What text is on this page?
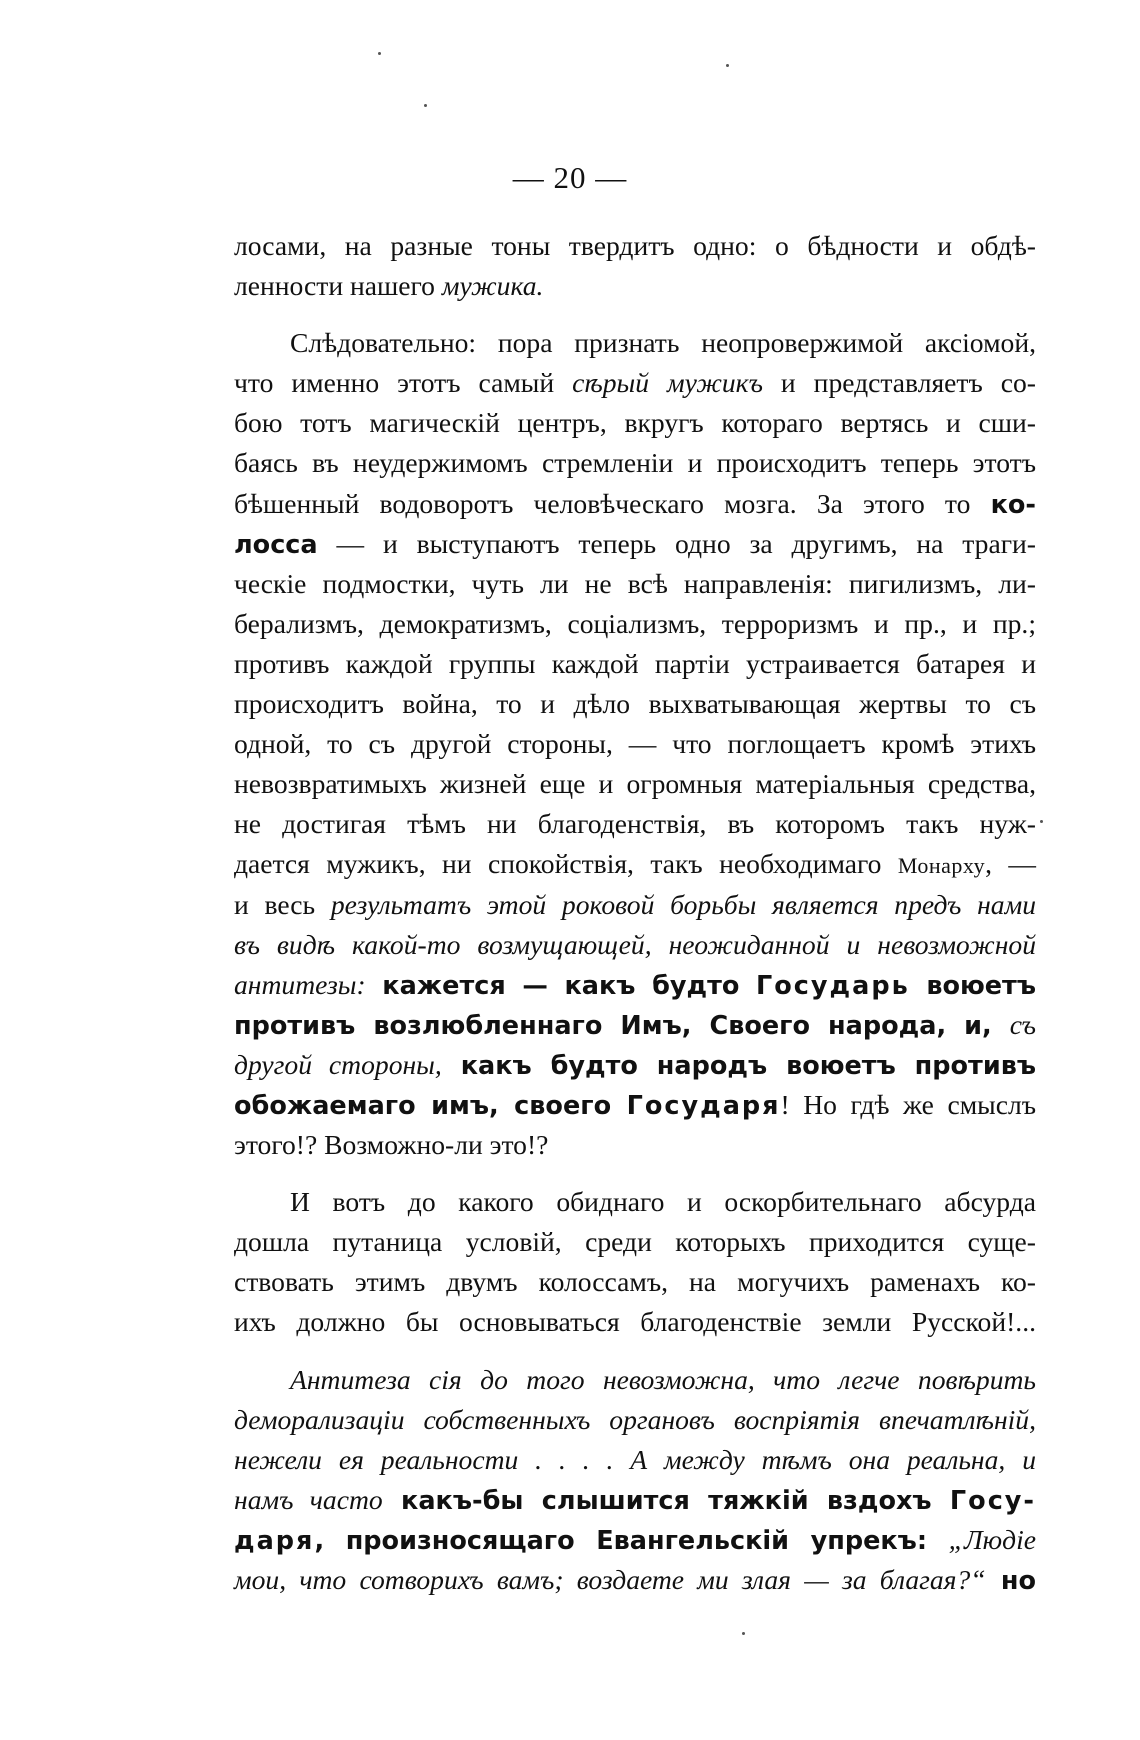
— 20 —
лосами, на разные тоны твердитъ одно: о бѣдности и обдѣ-
ленности нашего мужика.
Слѣдовательно: пора признать неопровержимой аксіомой,
что именно этотъ самый сѣрый мужикъ и представляетъ со-
бою тотъ магическій центръ, вкругъ котораго вертясь и сши-
баясь въ неудержимомъ стремленіи и происходитъ теперь этотъ
бѣшенный водоворотъ человѣческаго мозга. За этого то ко-
лосса — и выступаютъ теперь одно за другимъ, на траги-
ческіе подмостки, чуть ли не всѣ направленія: пигилизмъ, ли-
берализмъ, демократизмъ, соціализмъ, терроризмъ и пр., и пр.;
противъ каждой группы каждой партіи устраивается батарея и
происходитъ война, то и дѣло выхватывающая жертвы то съ
одной, то съ другой стороны, — что поглощаетъ кромѣ этихъ
невозвратимыхъ жизней еще и огромныя матеріальныя средства,
не достигая тѣмъ ни благоденствія, въ которомъ такъ нуж-
дается мужикъ, ни спокойствія, такъ необходимаго Монарху, —
и весь результатъ этой роковой борьбы является предъ нами
въ видѣ какой-то возмущающей, неожиданной и невозможной
антитезы: кажется — какъ будто Государь воюетъ
противъ возлюбленнаго Имъ, Своего народа, и, съ
другой стороны, какъ будто народъ воюетъ противъ
обожаемаго имъ, своего Государя! Но гдѣ же смыслъ
этого!? Возможно-ли это!?
И вотъ до какого обиднаго и оскорбительнаго абсурда
дошла путаница условій, среди которыхъ приходится суще-
ствовать этимъ двумъ колоссамъ, на могучихъ раменахъ ко-
ихъ должно бы основываться благоденствіе земли Русской!...
Антитеза сія до того невозможна, что легче повѣрить
деморализаціи собственныхъ органовъ воспріятія впечатлѣній,
нежели ея реальности . . . . А между тѣмъ она реальна, и
намъ часто какъ-бы слышится тяжкій вздохъ Госу-
даря, произносящаго Евангельскій упрекъ: „Людіе
мои, что сотворихъ вамъ; воздаете ми злая — за благая?“ но
